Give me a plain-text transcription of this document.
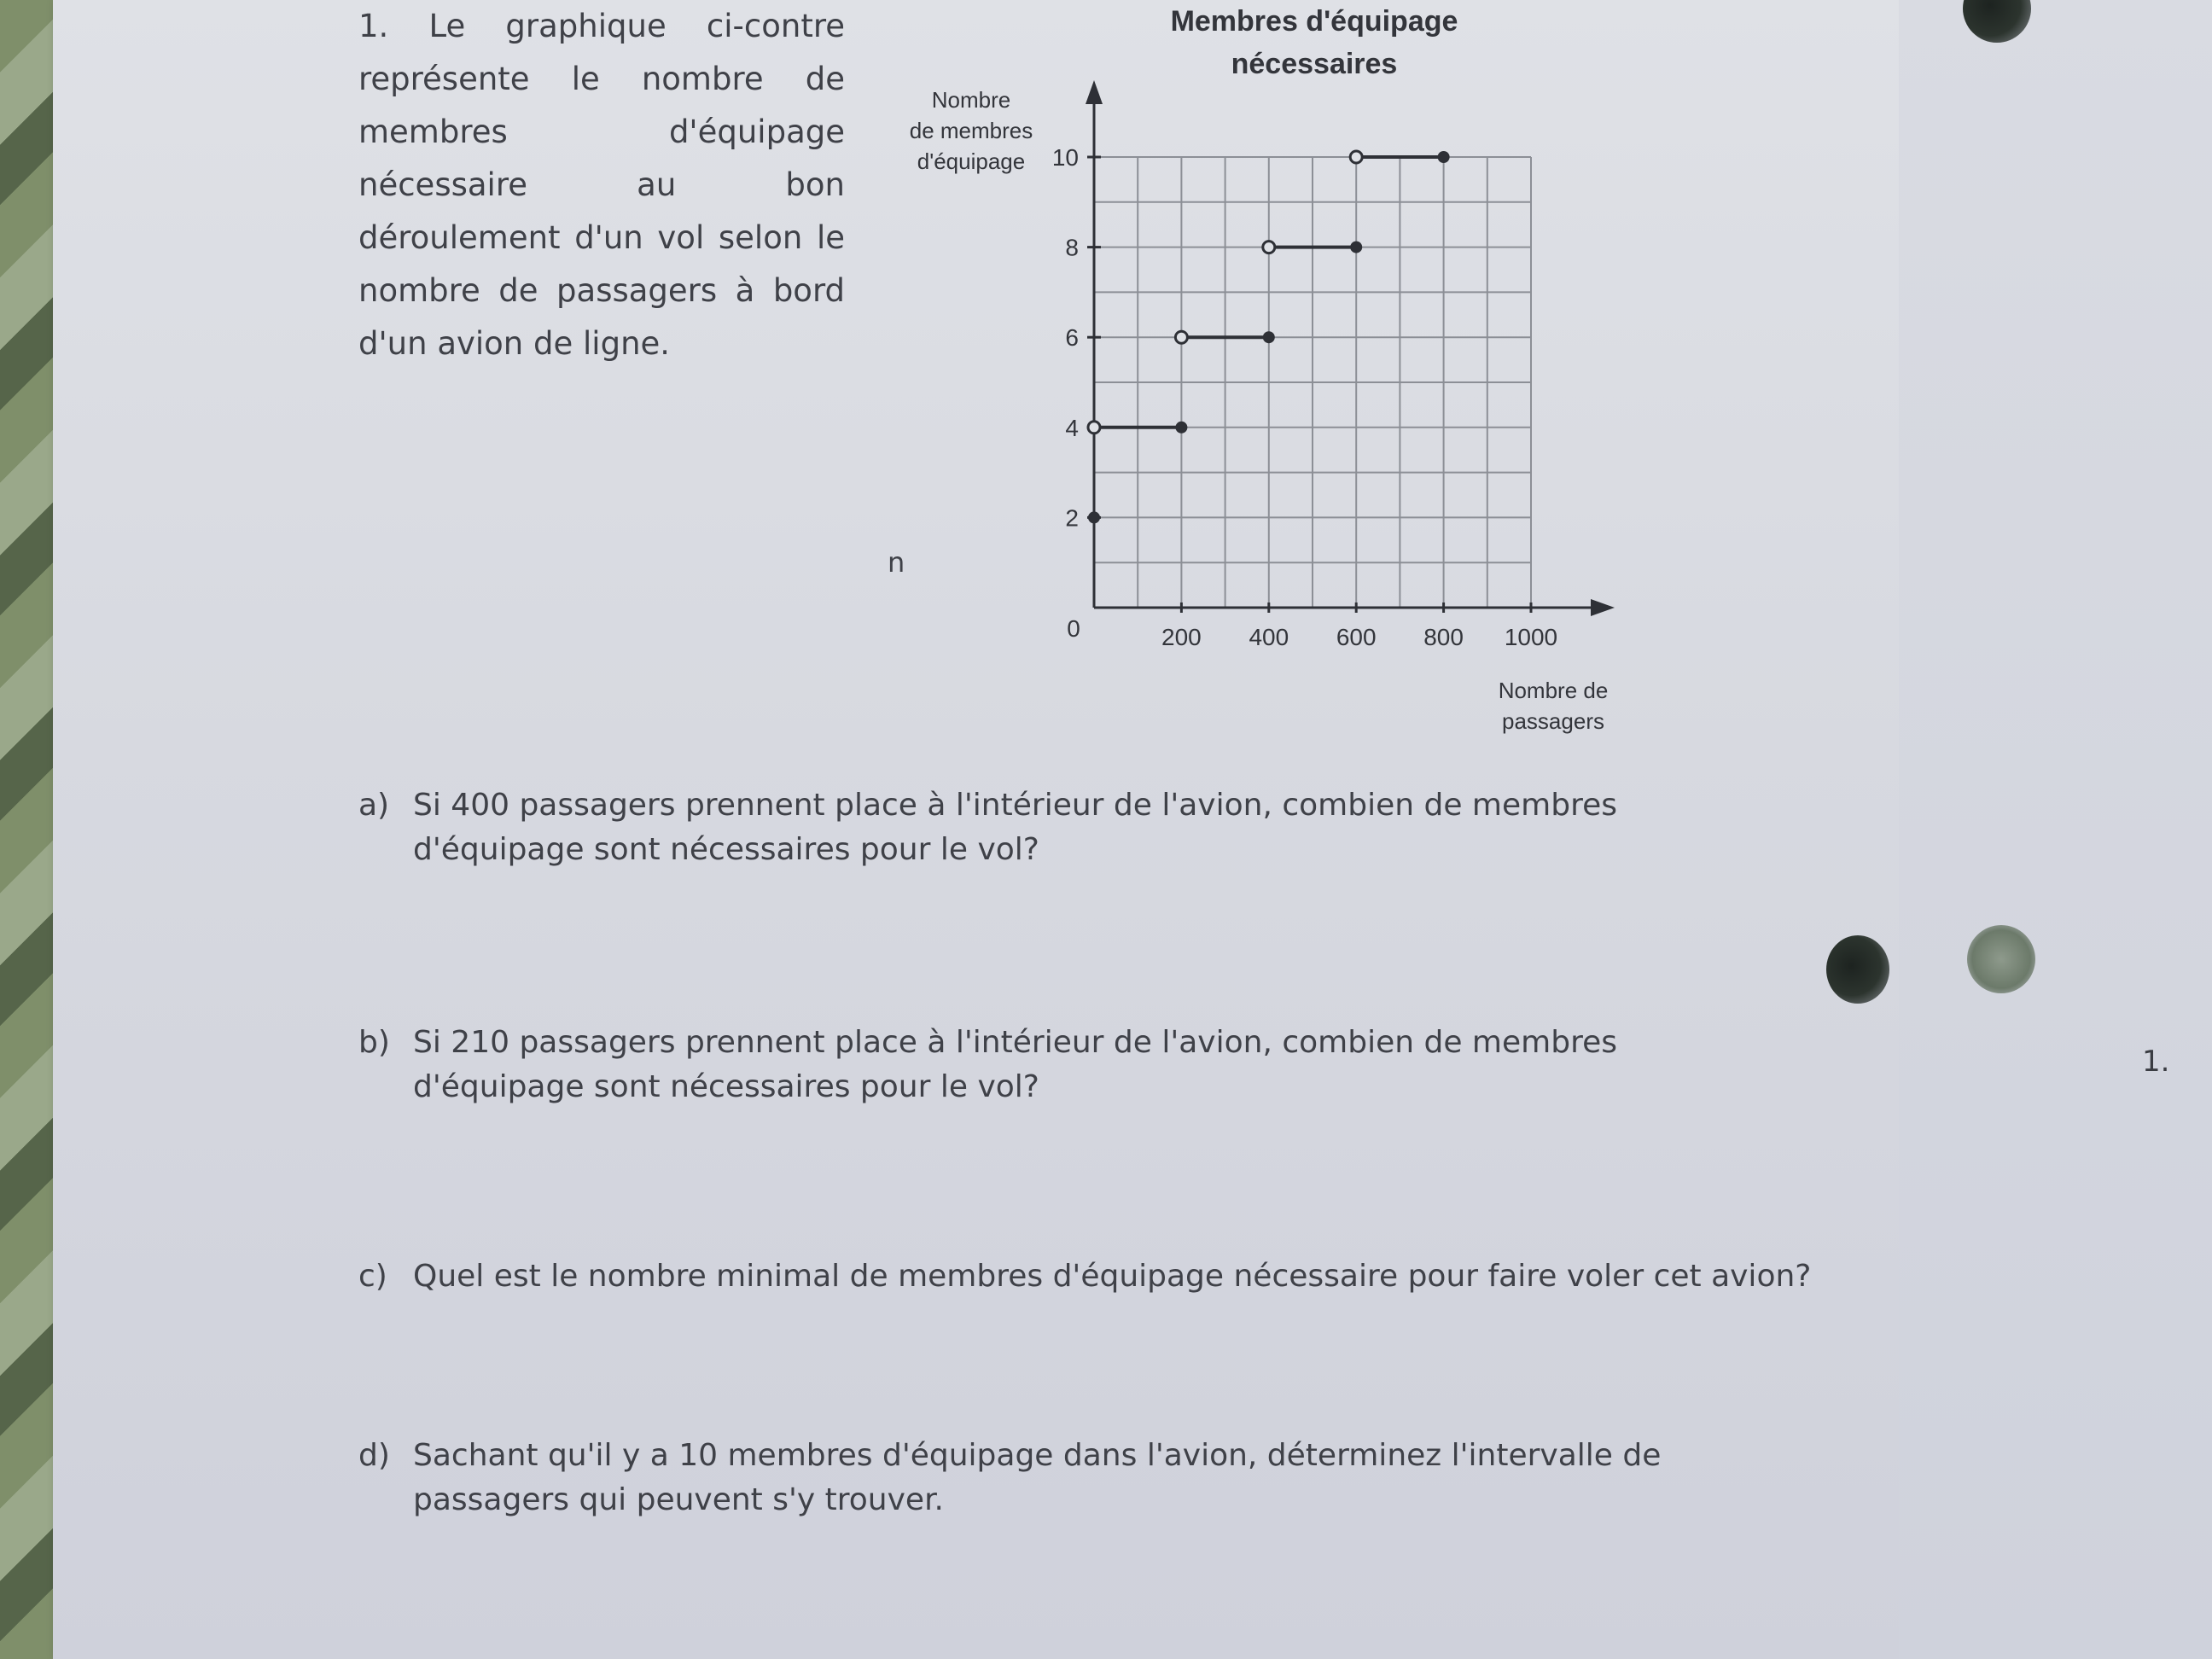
1. Le graphique ci-contre représente le nombre de membres d'équipage nécessaire au bon déroulement d'un vol selon le nombre de passagers à bord d'un avion de ligne.
n
Membres d'équipage
nécessaires
Nombre
de membres
d'équipage
200 400 600 800 1000
2
4
6
8
10
0
Nombre de
passagers
a) Si 400 passagers prennent place à l'intérieur de l'avion, combien de membres d'équipage sont nécessaires pour le vol?
b) Si 210 passagers prennent place à l'intérieur de l'avion, combien de membres d'équipage sont nécessaires pour le vol?
c) Quel est le nombre minimal de membres d'équipage nécessaire pour faire voler cet avion?
d) Sachant qu'il y a 10 membres d'équipage dans l'avion, déterminez l'intervalle de passagers qui peuvent s'y trouver.
1.
